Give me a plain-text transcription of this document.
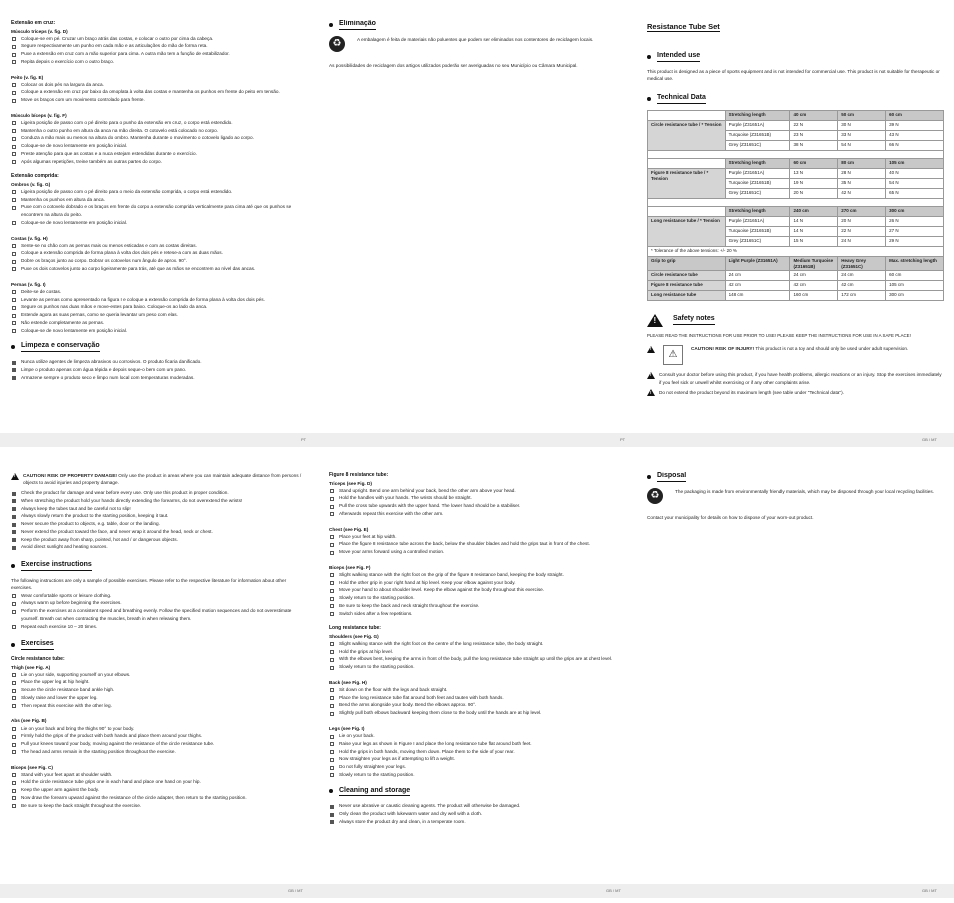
Extensão em cruz:
Músculo tríceps (v. fig. D)
Coloque-se em pé. Cruzar um braço atrás das costas, e colocar o outro por cima da cabeça.
Segure respectivamente um punho em cada mão e as articulações do mão de forma reta.
Puxe a extensão em cruz com a mão superior para cima. A outra mão tem a função de estabilizador.
Repita depois o exercício com o outro braço.
Peito (v. fig. E)
Colocar os dois pés na largura da anca.
Coloque a extensão em cruz por baixo da omoplata à volta das costas e mantenha os punhos em frente do peito em tensão.
Move os braços com um movimento controlado para frente.
Músculo bíceps (v. fig. F)
Ligeira posição de passo com o pé direito para o punho da extensão em cruz, o corpo está estendido.
Mantenha o outro punho em altura da anca na mão direita. O cotovelo está colocado no corpo.
Conduza a mão mais ou menos na altura do ombro. Mantenha durante o movimento o cotovelo ligado ao corpo.
Coloque-se de novo lentamente em posição inicial.
Preste atenção para que as costas e a nuca estejam estendidas durante o exercício.
Após algumas repetições, treine também as outras partes do corpo.
Extensão comprida:
Ombros (v. fig. G)
Ligeira posição de passo com o pé direito para o meio da extensão comprida, o corpo está estendido.
Mantenha os punhos em altura da anca.
Puxe com o cotovelo dobrado e os braços em frente do corpo a extensão comprida verticalmente para cima até que os punhos se encontrem na altura do peito.
Coloque-se de novo lentamente em posição inicial.
Costas (v. fig. H)
Sente-se no chão com as pernas mais ou menos esticadas e com as costas direitas.
Coloque a extensão comprida de forma plana à volta dos dois pés e retese-a com as duas mãos.
Dobre os braços junto ao corpo. Dobrar os cotovelos num ângulo de aprox. 90°.
Puxe os dois cotovelos junto ao corpo ligeiramente para trás, até que as mãos se encontrem ao nível das ancas.
Pernas (v. fig. I)
Deite-se de costas.
Levante as pernas como apresentado na figura I e coloque a extensão comprida de forma plana à volta dos dois pés.
Segure os punhos nas duas mãos e move-estes para baixo. Coloque-os ao lado da anca.
Estende agora as suas pernas, como se queria levantar um peso com elas.
Não estende completamente as pernas.
Coloque-se de novo lentamente em posição inicial.
Limpeza e conservação
Nunca utilize agentes de limpeza abrasivos ou corrosivos. O produto ficaria danificado.
Limpe o produto apenas com água tépida e depois seque-o bem com um pano.
Armazene sempre o produto seco e limpo num local com temperaturas moderadas.
Eliminação
♻
A embalagem é feita de materiais não poluentes que podem ser eliminados nos contentores de reciclagem locais.

As possibilidades de reciclagem dos artigos utilizados poderão ser averiguadas no seu Município ou Câmara Municipal.

Resistance Tube Set
Intended use

This product is designed as a piece of sports equipment and is not intended for commercial use. This product is not suitable for therapeutic or medical use.

Technical Data
	Stretching length	40 cm	50 cm	60 cm
Circle resistance tube / * Tension	Purple (Z31651A)	22 N	30 N	39 N
	Turquoise (Z31651B)	23 N	33 N	43 N
	Grey (Z31651C)	38 N	54 N	66 N

	Stretching length	60 cm	80 cm	105 cm
Figure 8 resistance tube / * Tension	Purple (Z31651A)	13 N	28 N	40 N
	Turquoise (Z31651B)	19 N	35 N	54 N
	Grey (Z31651C)	20 N	42 N	65 N

	Stretching length	240 cm	270 cm	300 cm
Long resistance tube / * Tension	Purple (Z31651A)	14 N	20 N	26 N
	Turquoise (Z31651B)	14 N	22 N	27 N
	Grey (Z31651C)	15 N	24 N	29 N
* Tolerance of the above tensions: +/- 20 %				
Grip to grip	Light Purple (Z31651A)	Medium Turquoise (Z31651B)	Heavy Grey (Z31651C)	Max. stretching length
Circle resistance tube	24 cm	24 cm	24 cm	60 cm
Figure 8 resistance tube	42 cm	42 cm	42 cm	105 cm
Long resistance tube	148 cm	160 cm	172 cm	300 cm
!
Safety notes

PLEASE READ THE INSTRUCTIONS FOR USE PRIOR TO USE! PLEASE KEEP THE INSTRUCTIONS FOR USE IN A SAFE PLACE!

!
⚠
CAUTION! RISK OF INJURY! This product is not a toy and should only be used under adult supervision.
!
Consult your doctor before using this product, if you have health problems, allergic reactions or an injury. Stop the exercises immediately if you feel sick or unwell whilst exercising or if any other complaints arise.
!
Do not extend the product beyond its maximum length (see table under "Technical data").
!
CAUTION! RISK OF PROPERTY DAMAGE! Only use the product in areas where you can maintain adequate distance from persons / objects to avoid injuries and property damage.
Check the product for damage and wear before every use. Only use this product in proper condition.
When stretching the product hold your hands directly extending the forearms, do not overextend the wrists!
Always keep the tubes taut and be careful not to slip!
Always slowly return the product to the starting position, keeping it taut.
Never secure the product to objects, e.g. table, door or the landing.
Never extend the product toward the face, and never wrap it around the head, neck or chest.
Keep the product away from sharp, pointed, hot and / or dangerous objects.
Avoid direct sunlight and heating sources.
Exercise instructions

The following instructions are only a sample of possible exercises. Please refer to the respective literature for information about other exercises.

Wear comfortable sports or leisure clothing.
Always warm up before beginning the exercises.
Perform the exercises at a consistent speed and breathing evenly. Follow the specified motion sequences and do not overestimate yourself. Breath out when contracting the muscles, breath in when releasing them.
Repeat each exercise 10 – 20 times.
Exercises
Circle resistance tube:
Thigh (see Fig. A)
Lie on your side, supporting yourself on your elbows.
Place the upper leg at hip height.
Secure the circle resistance band ankle high.
Slowly raise and lower the upper leg.
Then repeat this exercise with the other leg.
Abs (see Fig. B)
Lie on your back and bring the thighs 90° to your body.
Firmly hold the grips of the product with both hands and place them around your thighs.
Pull your knees toward your body, moving against the resistance of the circle resistance tube.
The head and arms remain in the starting position throughout the exercise.
Biceps (see Fig. C)
Stand with your feet apart at shoulder width.
Hold the circle resistance tube grips one in each hand and place one hand on your hip.
Keep the upper arm against the body.
Now draw the forearm upward against the resistance of the circle adapter, then return to the starting position.
Be sure to keep the back straight throughout the exercise.
Figure 8 resistance tube:
Triceps (see Fig. D)
Stand upright. Bend one arm behind your back, bend the other arm above your head.
Hold the handles with your hands. The wrists should be straight.
Pull the cross tube upwards with the upper hand. The lower hand should be a stabiliser.
Afterwards repeat this exercise with the other arm.
Chest (see Fig. E)
Place your feet at hip width.
Place the figure 8 resistance tube across the back, below the shoulder blades and hold the grips taut in front of the chest.
Move your arms forward using a controlled motion.
Biceps (see Fig. F)
Slight walking stance with the right foot on the grip of the figure 8 resistance band, keeping the body straight.
Hold the other grip in your right hand at hip level. Keep your elbow against your body.
Move your hand to about shoulder level. Keep the elbow against the body throughout this exercise.
Slowly return to the starting position.
Be sure to keep the back and neck straight throughout the exercise.
Switch sides after a few repetitions.
Long resistance tube:
Shoulders (see Fig. G)
Slight walking stance with the right foot on the centre of the long resistance tube, the body straight.
Hold the grips at hip level.
With the elbows bent, keeping the arms in front of the body, pull the long resistance tube straight up until the grips are at chest level.
Slowly return to the starting position.
Back (see Fig. H)
Sit down on the floor with the legs and back straight.
Place the long resistance tube flat around both feet and tauten with both hands.
Bend the arms alongside your body. Bend the elbows approx. 90°.
Slightly pull both elbows backward keeping them close to the body until the hands are at hip level.
Legs (see Fig. I)
Lie on your back.
Raise your legs as shown in Figure I and place the long resistance tube flat around both feet.
Hold the grips in both hands, moving them down. Place them to the side of your rear.
Now straighten your legs as if attempting to lift a weight.
Do not fully straighten your legs.
Slowly return to the starting position.
Cleaning and storage
Never use abrasive or caustic cleaning agents. The product will otherwise be damaged.
Only clean the product with lukewarm water and dry well with a cloth.
Always store the product dry and clean, in a temperate room.
Disposal
♻
The packaging is made from environmentally friendly materials, which may be disposed through your local recycling facilities.

Contact your municipality for details on how to dispose of your worn-out product.

PT	PT	GB / MT
GB / MT	GB / MT	GB / MT
